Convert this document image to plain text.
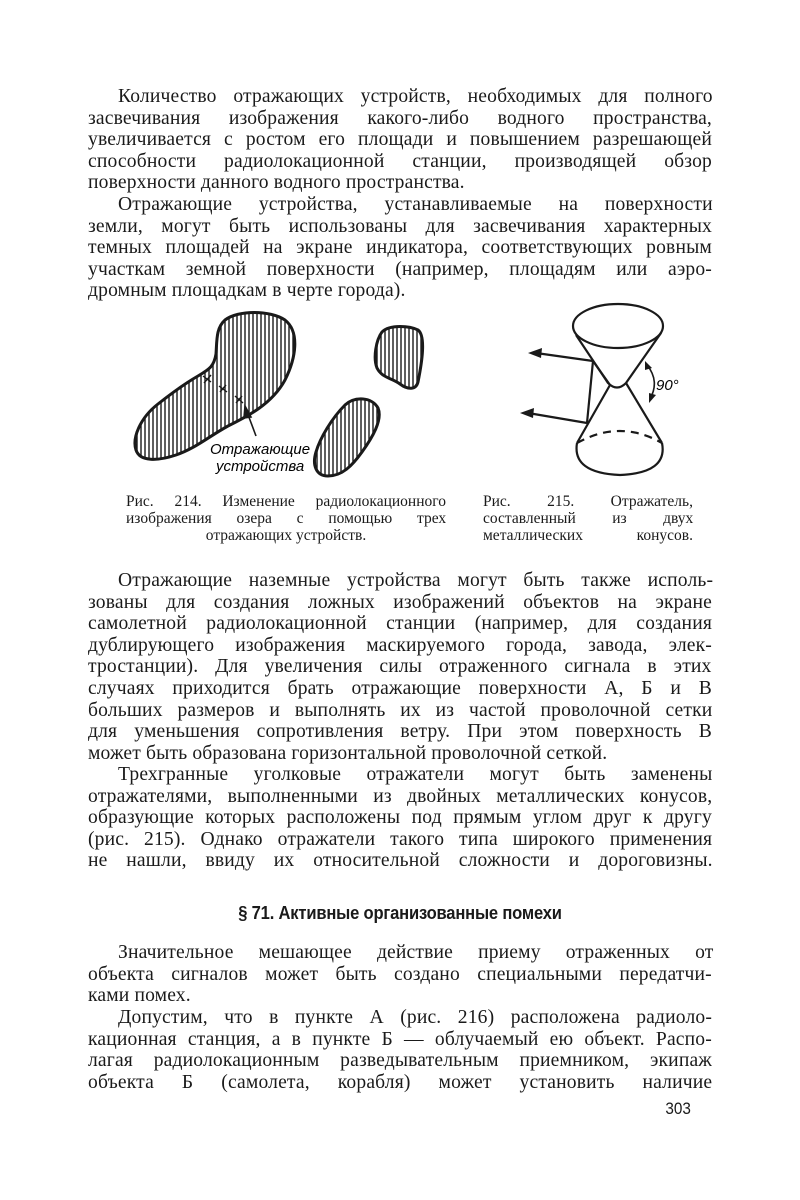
Количество отражающих устройств, необходимых для полного
засвечивания изображения какого-либо водного пространства,
увеличивается с ростом его площади и повышением разрешающей
способности радиолокационной станции, производящей обзор
поверхности данного водного пространства.
Отражающие устройства, устанавливаемые на поверхности
земли, могут быть использованы для засвечивания характерных
темных площадей на экране индикатора, соответствующих ровным
участкам земной поверхности (например, площадям или аэро-
дромным площадкам в черте города).
Отражающие
устройства
90°
Рис. 214. Изменение радиолокационного
изображения озера с помощью трех
отражающих устройств.
Рис. 215. Отражатель,
составленный из двух
металлических	конусов.
Отражающие наземные устройства могут быть также исполь-
зованы для создания ложных изображений объектов на экране
самолетной радиолокационной станции (например, для создания
дублирующего изображения маскируемого города, завода, элек-
тростанции). Для увеличения силы отраженного сигнала в этих
случаях приходится брать отражающие поверхности А, Б и В
больших размеров и выполнять их из частой проволочной сетки
для уменьшения сопротивления ветру. При этом поверхность В
может быть образована горизонтальной проволочной сеткой.
Трехгранные уголковые отражатели могут быть заменены
отражателями, выполненными из двойных металлических конусов,
образующие которых расположены под прямым углом друг к другу
(рис. 215). Однако отражатели такого типа широкого применения
не нашли, ввиду их относительной сложности и дороговизны.
§ 71. Активные организованные помехи
Значительное мешающее действие приему отраженных от
объекта сигналов может быть создано специальными передатчи-
ками помех.
Допустим, что в пункте А (рис. 216) расположена радиоло-
кационная станция, а в пункте Б — облучаемый ею объект. Распо-
лагая радиолокационным разведывательным приемником, экипаж
объекта Б (самолета, корабля) может установить наличие
303
